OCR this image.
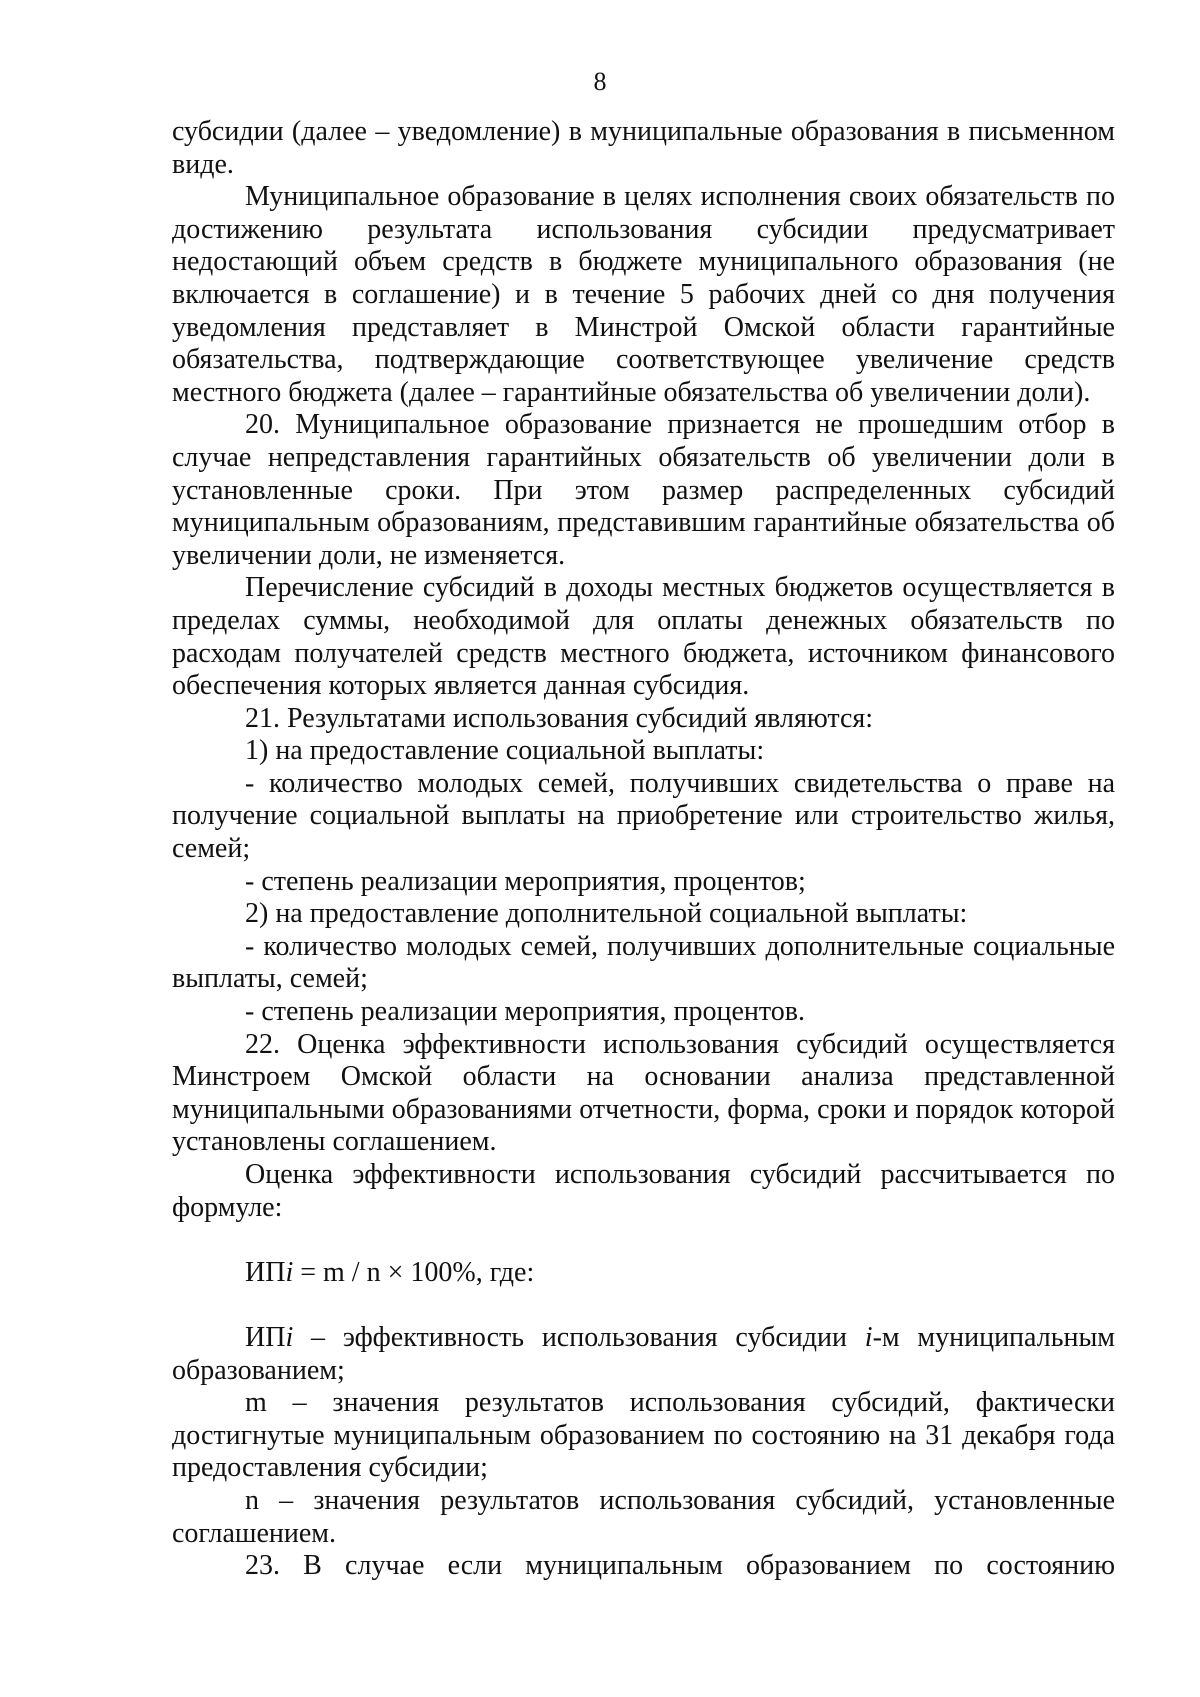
8

субсидии (далее – уведомление) в муниципальные образования в письменном виде.

Муниципальное образование в целях исполнения своих обязательств по достижению результата использования субсидии предусматривает недостающий объем средств в бюджете муниципального образования (не включается в соглашение) и в течение 5 рабочих дней со дня получения уведомления представляет в Минстрой Омской области гарантийные обязательства, подтверждающие соответствующее увеличение средств местного бюджета (далее – гарантийные обязательства об увеличении доли).

20. Муниципальное образование признается не прошедшим отбор в случае непредставления гарантийных обязательств об увеличении доли в установленные сроки. При этом размер распределенных субсидий муниципальным образованиям, представившим гарантийные обязательства об увеличении доли, не изменяется.

Перечисление субсидий в доходы местных бюджетов осуществляется в пределах суммы, необходимой для оплаты денежных обязательств по расходам получателей средств местного бюджета, источником финансового обеспечения которых является данная субсидия.

21. Результатами использования субсидий являются:

1) на предоставление социальной выплаты:

- количество молодых семей, получивших свидетельства о праве на получение социальной выплаты на приобретение или строительство жилья, семей;

- степень реализации мероприятия, процентов;

2) на предоставление дополнительной социальной выплаты:

- количество молодых семей, получивших дополнительные социальные выплаты, семей;

- степень реализации мероприятия, процентов.

22. Оценка эффективности использования субсидий осуществляется Минстроем Омской области на основании анализа представленной муниципальными образованиями отчетности, форма, сроки и порядок которой установлены соглашением.

Оценка эффективности использования субсидий рассчитывается по формуле:

ИПi = m / n × 100%, где:

ИПi – эффективность использования субсидии i-м муниципальным образованием;

m – значения результатов использования субсидий, фактически достигнутые муниципальным образованием по состоянию на 31 декабря года предоставления субсидии;

n – значения результатов использования субсидий, установленные соглашением.

23. В случае если муниципальным образованием по состоянию
